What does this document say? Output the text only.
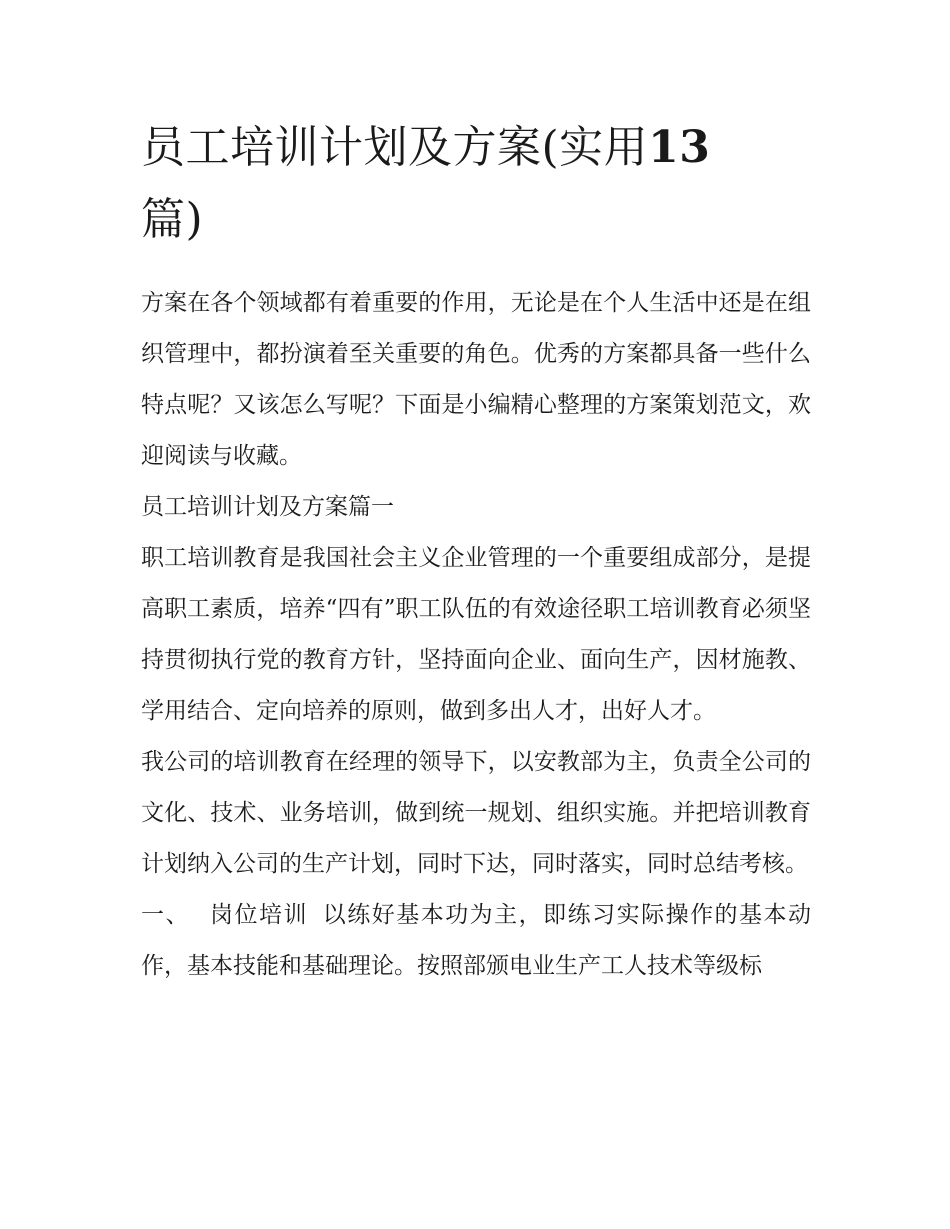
员工培训计划及方案(实用13
篇)

方案在各个领域都有着重要的作用，无论是在个人生活中还是在组织管理中，都扮演着至关重要的角色。优秀的方案都具备一些什么特点呢？又该怎么写呢？下面是小编精心整理的方案策划范文，欢迎阅读与收藏。

员工培训计划及方案篇一

职工培训教育是我国社会主义企业管理的一个重要组成部分，是提高职工素质，培养“四有”职工队伍的有效途径职工培训教育必须坚持贯彻执行党的教育方针，坚持面向企业、面向生产，因材施教、学用结合、定向培养的原则，做到多出人才，出好人才。

我公司的培训教育在经理的领导下，以安教部为主，负责全公司的文化、技术、业务培训，做到统一规划、组织实施。并把培训教育计划纳入公司的生产计划，同时下达，同时落实，同时总结考核。

一、 岗位培训 以练好基本功为主，即练习实际操作的基本动作，基本技能和基础理论。按照部颁电业生产工人技术等级标
